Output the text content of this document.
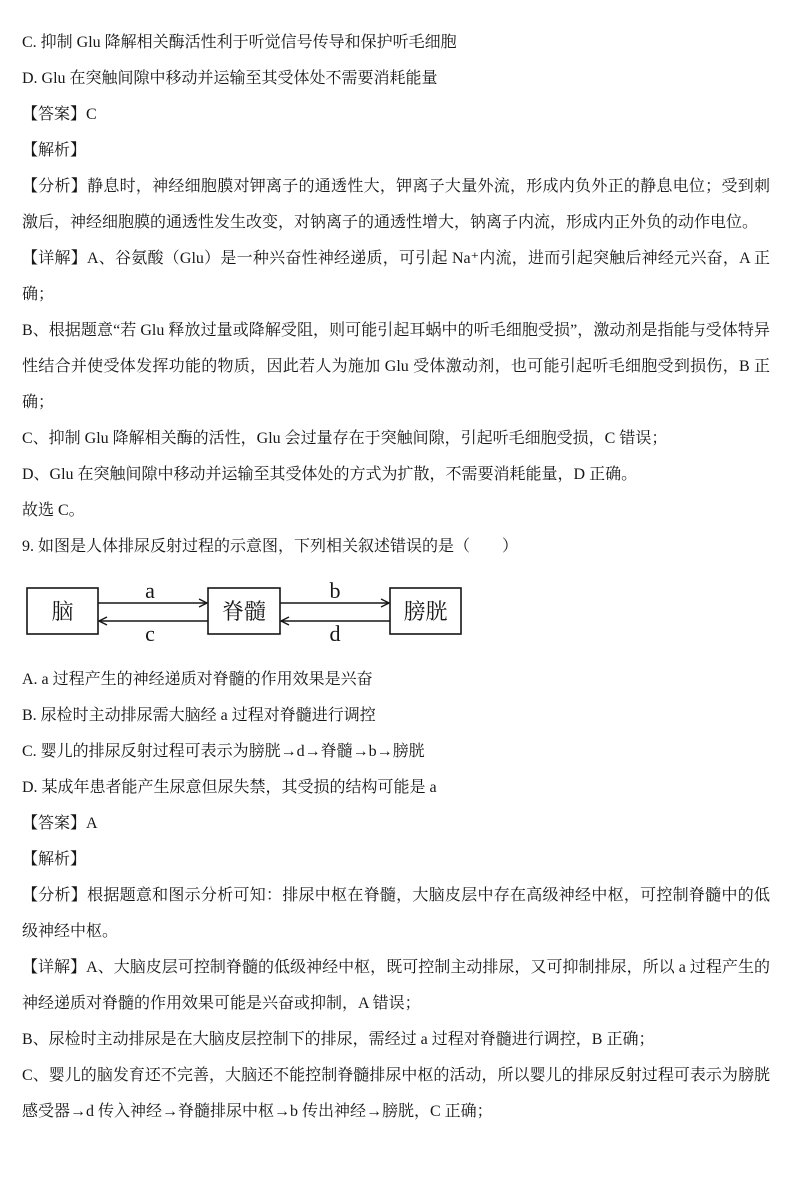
C. 抑制 Glu 降解相关酶活性利于听觉信号传导和保护听毛细胞
D. Glu 在突触间隙中移动并运输至其受体处不需要消耗能量
【答案】C
【解析】
【分析】静息时，神经细胞膜对钾离子的通透性大，钾离子大量外流，形成内负外正的静息电位；受到刺
激后，神经细胞膜的通透性发生改变，对钠离子的通透性增大，钠离子内流，形成内正外负的动作电位。
【详解】A、谷氨酸（Glu）是一种兴奋性神经递质，可引起 Na⁺内流，进而引起突触后神经元兴奋，A 正
确；
B、根据题意“若 Glu 释放过量或降解受阻，则可能引起耳蜗中的听毛细胞受损”，激动剂是指能与受体特异
性结合并使受体发挥功能的物质，因此若人为施加 Glu 受体激动剂，也可能引起听毛细胞受到损伤，B 正
确；
C、抑制 Glu 降解相关酶的活性，Glu 会过量存在于突触间隙，引起听毛细胞受损，C 错误；
D、Glu 在突触间隙中移动并运输至其受体处的方式为扩散，不需要消耗能量，D 正确。
故选 C。
9. 如图是人体排尿反射过程的示意图，下列相关叙述错误的是（　　）
脑	脊髓	膀胱
a
c
b
d
A. a 过程产生的神经递质对脊髓的作用效果是兴奋
B. 尿检时主动排尿需大脑经 a 过程对脊髓进行调控
C. 婴儿的排尿反射过程可表示为膀胱→d→脊髓→b→膀胱
D. 某成年患者能产生尿意但尿失禁，其受损的结构可能是 a
【答案】A
【解析】
【分析】根据题意和图示分析可知：排尿中枢在脊髓，大脑皮层中存在高级神经中枢，可控制脊髓中的低
级神经中枢。
【详解】A、大脑皮层可控制脊髓的低级神经中枢，既可控制主动排尿，又可抑制排尿，所以 a 过程产生的
神经递质对脊髓的作用效果可能是兴奋或抑制，A 错误；
B、尿检时主动排尿是在大脑皮层控制下的排尿，需经过 a 过程对脊髓进行调控，B 正确；
C、婴儿的脑发育还不完善，大脑还不能控制脊髓排尿中枢的活动，所以婴儿的排尿反射过程可表示为膀胱
感受器→d 传入神经→脊髓排尿中枢→b 传出神经→膀胱，C 正确；
